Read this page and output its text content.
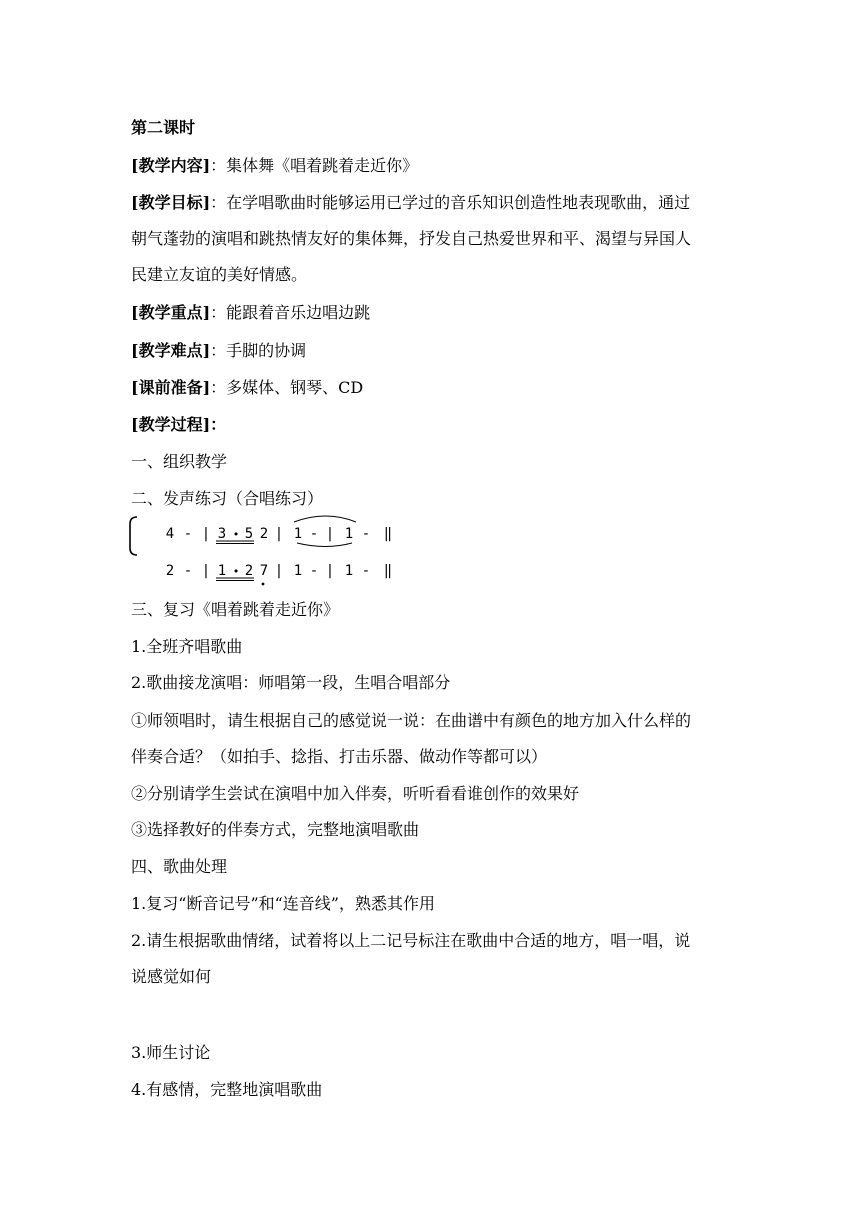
第二课时
[教学内容]：集体舞《唱着跳着走近你》
[教学目标]：在学唱歌曲时能够运用已学过的音乐知识创造性地表现歌曲，通过
朝气蓬勃的演唱和跳热情友好的集体舞，抒发自己热爱世界和平、渴望与异国人
民建立友谊的美好情感。
[教学重点]：能跟着音乐边唱边跳
[教学难点]：手脚的协调
[课前准备]：多媒体、钢琴、CD
[教学过程]：
一、组织教学
二、发声练习（合唱练习）
4 - | 3 • 5 2 | 1 - | 1 - ‖
2 - | 1 • 2 7 | 1 - | 1 - ‖
三、复习《唱着跳着走近你》
1.全班齐唱歌曲
2.歌曲接龙演唱：师唱第一段，生唱合唱部分
①师领唱时，请生根据自己的感觉说一说：在曲谱中有颜色的地方加入什么样的
伴奏合适？（如拍手、捻指、打击乐器、做动作等都可以）
②分别请学生尝试在演唱中加入伴奏，听听看看谁创作的效果好
③选择教好的伴奏方式，完整地演唱歌曲
四、歌曲处理
1.复习“断音记号”和“连音线”，熟悉其作用
2.请生根据歌曲情绪，试着将以上二记号标注在歌曲中合适的地方，唱一唱，说
说感觉如何
3.师生讨论
4.有感情，完整地演唱歌曲
